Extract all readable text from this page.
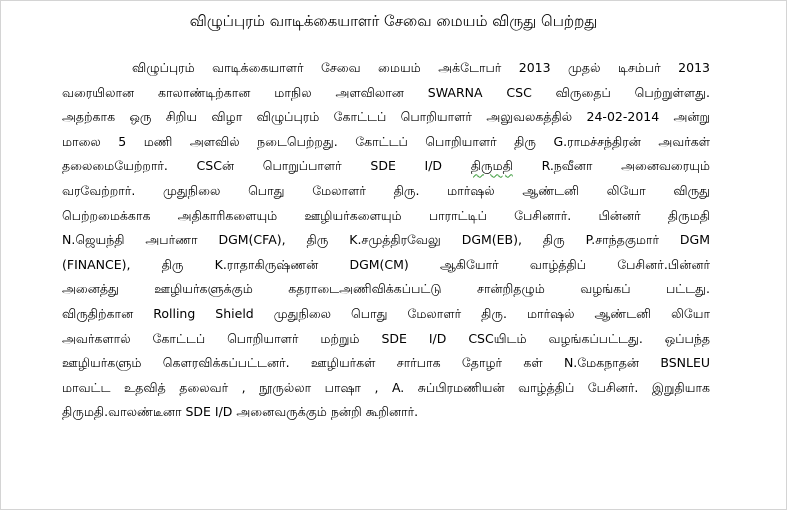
விழுப்புரம் வாடிக்கையாளர் சேவை மையம் விருது பெற்றது
விழுப்புரம் வாடிக்கையாளர் சேவை மையம் அக்டோபர் 2013 முதல் டிசம்பர் 2013
வரையிலான காலாண்டிற்கான மாநில அளவிலான SWARNA CSC விருதைப் பெற்றுள்ளது.
அதற்காக ஒரு சிறிய விழா விழுப்புரம் கோட்டப் பொறியாளர் அலுவலகத்தில் 24-02-2014 அன்று
மாலை 5 மணி அளவில் நடைபெற்றது. கோட்டப் பொறியாளர் திரு G.ராமச்சந்திரன் அவர்கள்
தலைமையேற்றார். CSCன் பொறுப்பாளர் SDE I/D திருமதி R.நவீனா அனைவரையும்
வரவேற்றார். முதுநிலை பொது மேலாளர் திரு. மார்ஷல் ஆண்டனி லியோ விருது
பெற்றமைக்காக அதிகாரிகளையும் ஊழியர்களையும் பாராட்டிப் பேசினார். பின்னர் திருமதி
N.ஜெயந்தி அபர்ணா DGM(CFA), திரு K.சமுத்திரவேலு DGM(EB), திரு P.சாந்தகுமார் DGM
(FINANCE), திரு K.ராதாகிருஷ்ணன் DGM(CM) ஆகியோர் வாழ்த்திப் பேசினர்.பின்னர்
அனைத்து ஊழியர்களுக்கும் கதராடைஅணிவிக்கப்பட்டு சான்றிதழும் வழங்கப் பட்டது.
விருதிற்கான Rolling Shield முதுநிலை பொது மேலாளர் திரு. மார்ஷல் ஆண்டனி லியோ
அவர்களால் கோட்டப் பொறியாளர் மற்றும் SDE I/D CSCயிடம் வழங்கப்பட்டது. ஒப்பந்த
ஊழியர்களும் கௌரவிக்கப்பட்டனர். ஊழியர்கள் சார்பாக தோழர் கள் N.மேகநாதன் BSNLEU
மாவட்ட உதவித் தலைவர் , நூருல்லா பாஷா , A. சுப்பிரமணியன் வாழ்த்திப் பேசினர். இறுதியாக
திருமதி.வாலண்டீனா SDE I/D அனைவருக்கும் நன்றி கூறினார்.
